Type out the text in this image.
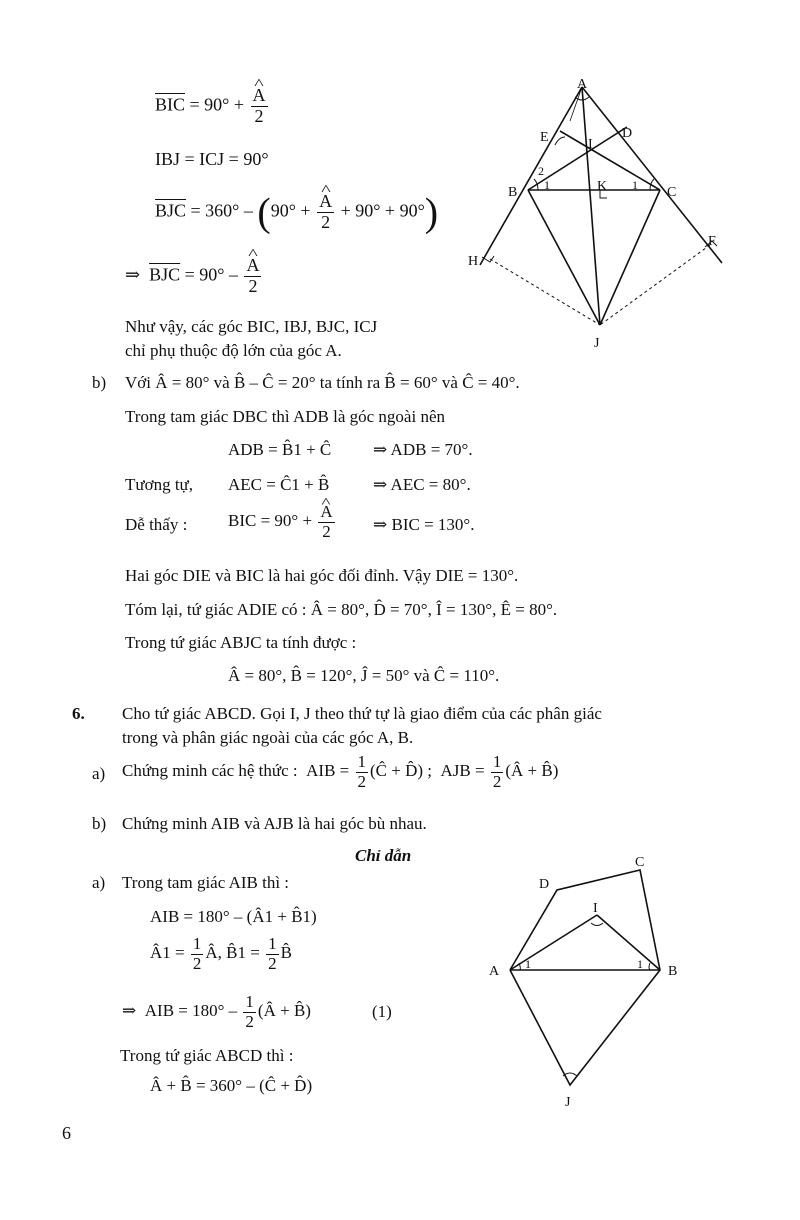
$\overline{BIC} = 90^\circ$ + ^ $\frac{A}{2}$
IBJ = ICJ = 90°
$\overline{BJC} = 360^\circ - (90^\circ$ + ^ $\frac{A}{2} + 90^\circ + 90^\circ$)
⇒ $\overline{BJC} = 90^\circ$ – ^ $\frac{A}{2}$
Như vậy, các góc BIC, IBJ, BJC, ICJ
chỉ phụ thuộc độ lớn của góc A.
A
E	D
I
B	K	C
H
F
J
1
2
1
b) Với Â = 80° và B̂ – Ĉ = 20° ta tính ra B̂ = 60° và Ĉ = 40°.
Trong tam giác DBC thì ADB là góc ngoài nên
ADB = B̂1 + Ĉ ⇒ ADB = 70°.
Tương tự, AEC = Ĉ1 + B̂	⇒ AEC = 80°.
Dễ thấy : BIC = 90° + ^ $\frac{A}{2}$ ⇒ BIC = 130°.
Hai góc DIE và BIC là hai góc đối đỉnh. Vậy DIE = 130°.
Tóm lại, tứ giác ADIE có : Â = 80°, D̂ = 70°, Î = 130°, Ê = 80°.
Trong tứ giác ABJC ta tính được :
Â = 80°, B̂ = 120°, Ĵ = 50° và Ĉ = 110°.
6. Cho tứ giác ABCD. Gọi I, J theo thứ tự là giao điểm của các phân giác
trong và phân giác ngoài của các góc A, B.
a) Chứng minh các hệ thức : AIB = $\frac{1}{2}$ (Ĉ + D̂) ; AJB = $\frac{1}{2}$ (Â + B̂)
b) Chứng minh AIB và AJB là hai góc bù nhau.
Chỉ dẫn
a) Trong tam giác AIB thì :
AIB = 180° – (Â1 + B̂1)
Â1 = $\frac{1}{2}$ Â, B̂1 = $\frac{1}{2}$ B̂
⇒ AIB = $180^\circ - \frac{1}{2}$ (Â + B̂)	(1)
Trong tứ giác ABCD thì :
Â + B̂ = 360° – (Ĉ + D̂)
A	B
C
D
I
J
1	1
6
